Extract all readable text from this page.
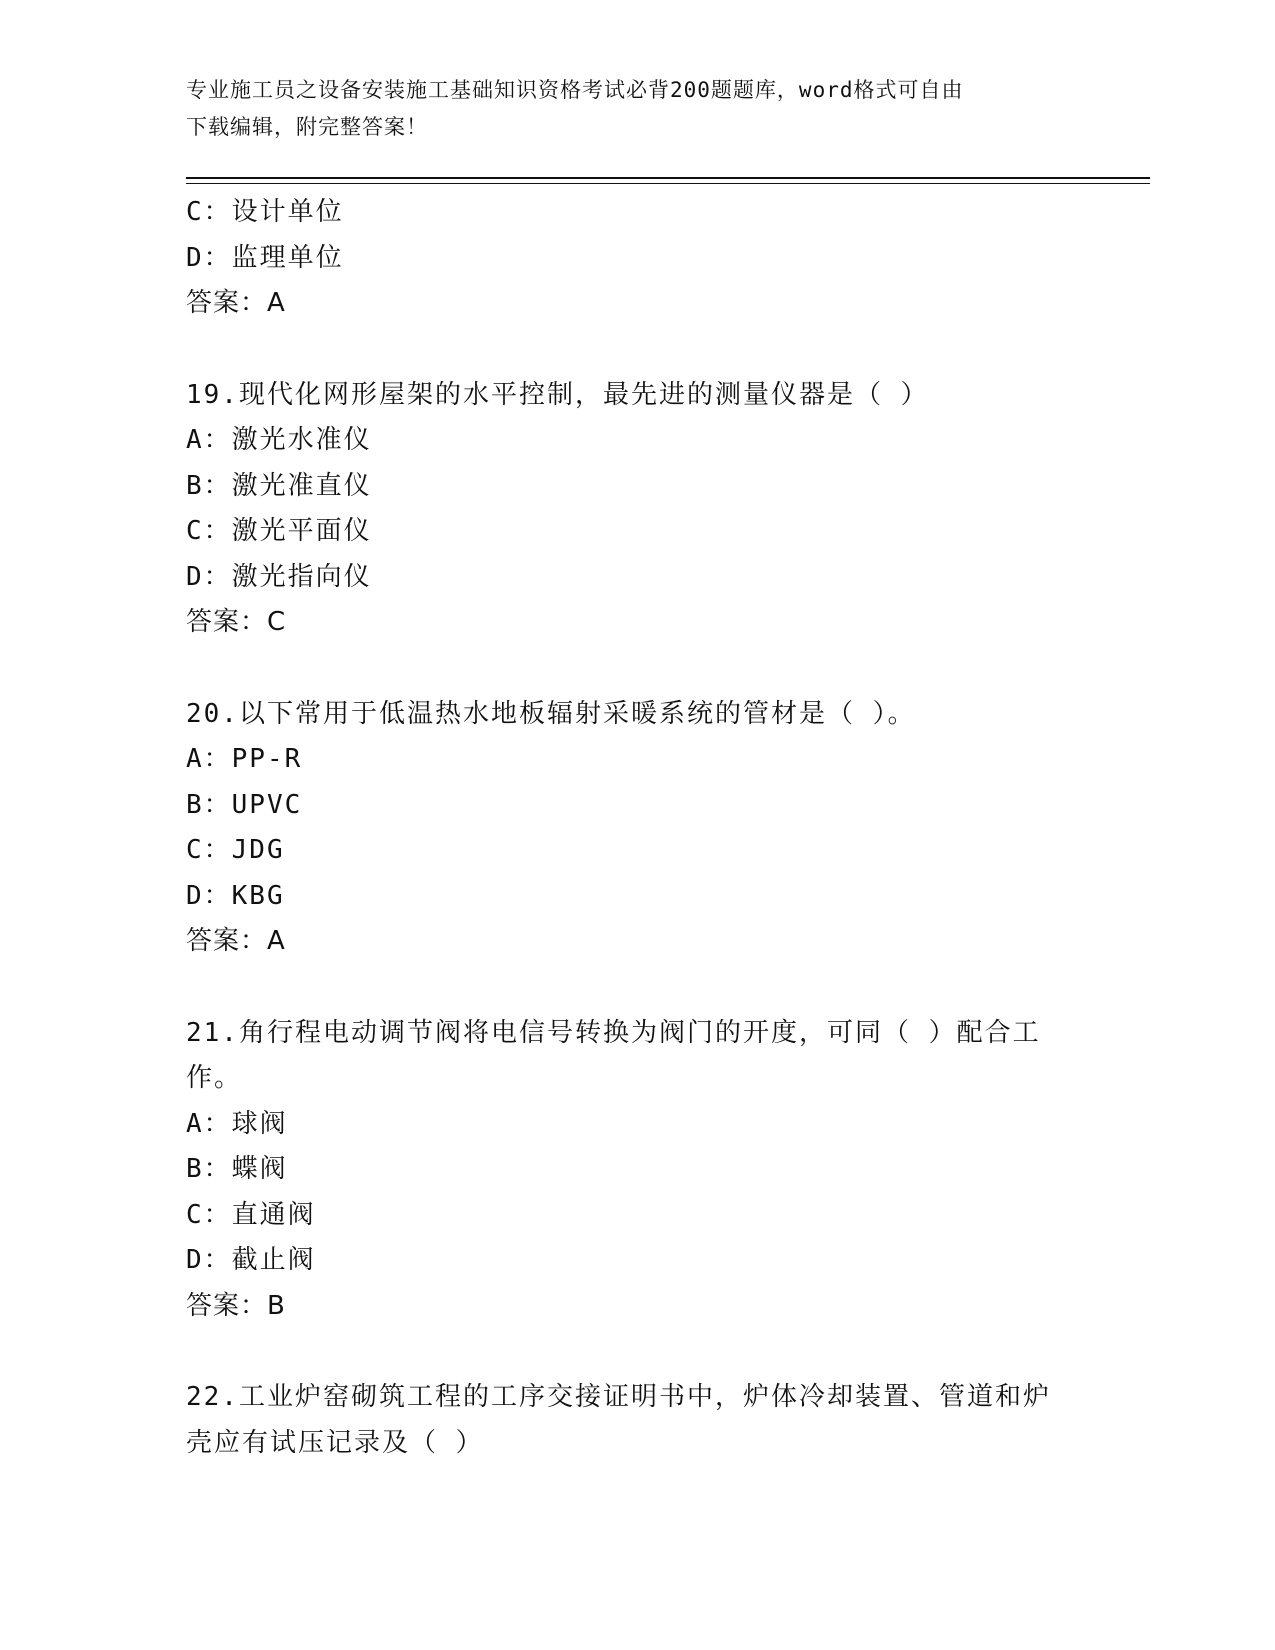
专业施工员之设备安装施工基础知识资格考试必背200题题库，word格式可自由
下载编辑，附完整答案！
C：设计单位
D：监理单位
答案：A
19.现代化网形屋架的水平控制，最先进的测量仪器是（ ）
A：激光水准仪
B：激光准直仪
C：激光平面仪
D：激光指向仪
答案：C
20.以下常用于低温热水地板辐射采暖系统的管材是（ ）。
A：PP-R
B：UPVC
C：JDG
D：KBG
答案：A
21.角行程电动调节阀将电信号转换为阀门的开度，可同（ ）配合工
作。
A：球阀
B：蝶阀
C：直通阀
D：截止阀
答案：B
22.工业炉窑砌筑工程的工序交接证明书中，炉体冷却装置、管道和炉
壳应有试压记录及（ ）
